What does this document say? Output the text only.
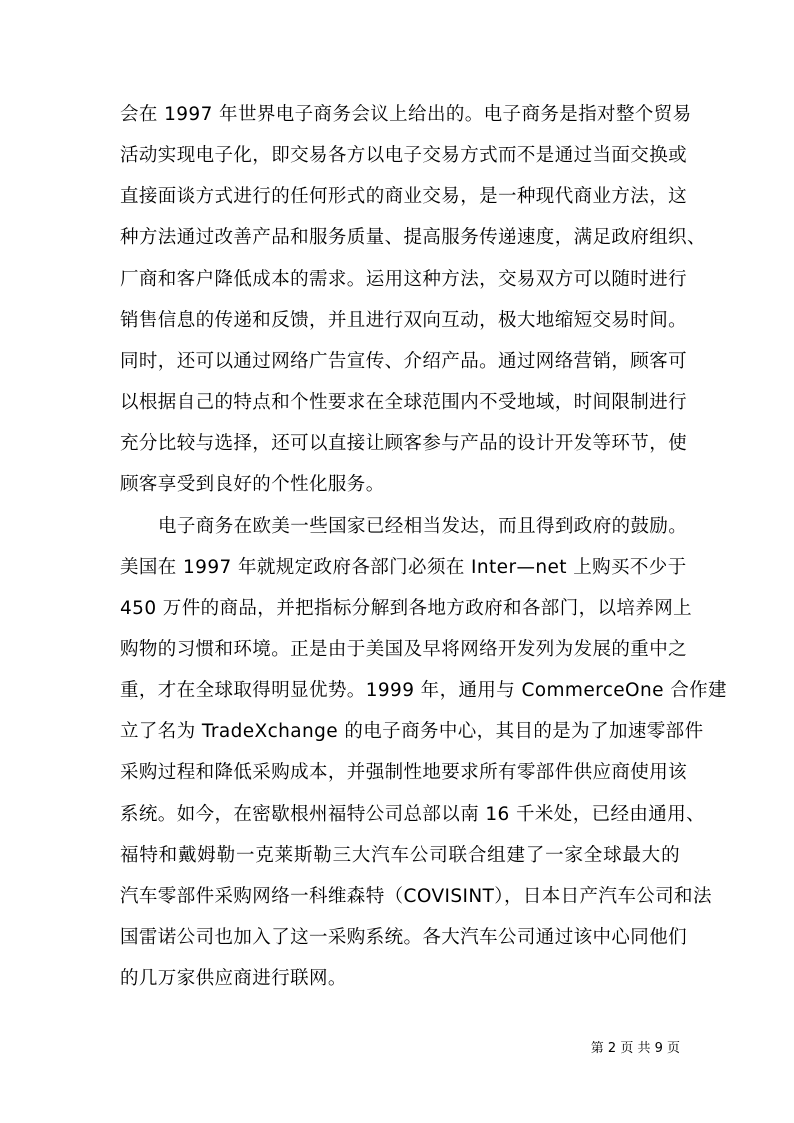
会在 1997 年世界电子商务会议上给出的。电子商务是指对整个贸易
活动实现电子化，即交易各方以电子交易方式而不是通过当面交换或
直接面谈方式进行的任何形式的商业交易，是一种现代商业方法，这
种方法通过改善产品和服务质量、提高服务传递速度，满足政府组织、
厂商和客户降低成本的需求。运用这种方法，交易双方可以随时进行
销售信息的传递和反馈，并且进行双向互动，极大地缩短交易时间。
同时，还可以通过网络广告宣传、介绍产品。通过网络营销，顾客可
以根据自己的特点和个性要求在全球范围内不受地域，时间限制进行
充分比较与选择，还可以直接让顾客参与产品的设计开发等环节，使
顾客享受到良好的个性化服务。
电子商务在欧美一些国家已经相当发达，而且得到政府的鼓励。
美国在 1997 年就规定政府各部门必须在 Inter—net 上购买不少于
450 万件的商品，并把指标分解到各地方政府和各部门，以培养网上
购物的习惯和环境。正是由于美国及早将网络开发列为发展的重中之
重，才在全球取得明显优势。1999 年，通用与 CommerceOne 合作建
立了名为 TradeXchange 的电子商务中心，其目的是为了加速零部件
采购过程和降低采购成本，并强制性地要求所有零部件供应商使用该
系统。如今，在密歇根州福特公司总部以南 16 千米处，已经由通用、
福特和戴姆勒一克莱斯勒三大汽车公司联合组建了一家全球最大的
汽车零部件采购网络一科维森特（COVISINT），日本日产汽车公司和法
国雷诺公司也加入了这一采购系统。各大汽车公司通过该中心同他们
的几万家供应商进行联网。
第 2 页 共 9 页
